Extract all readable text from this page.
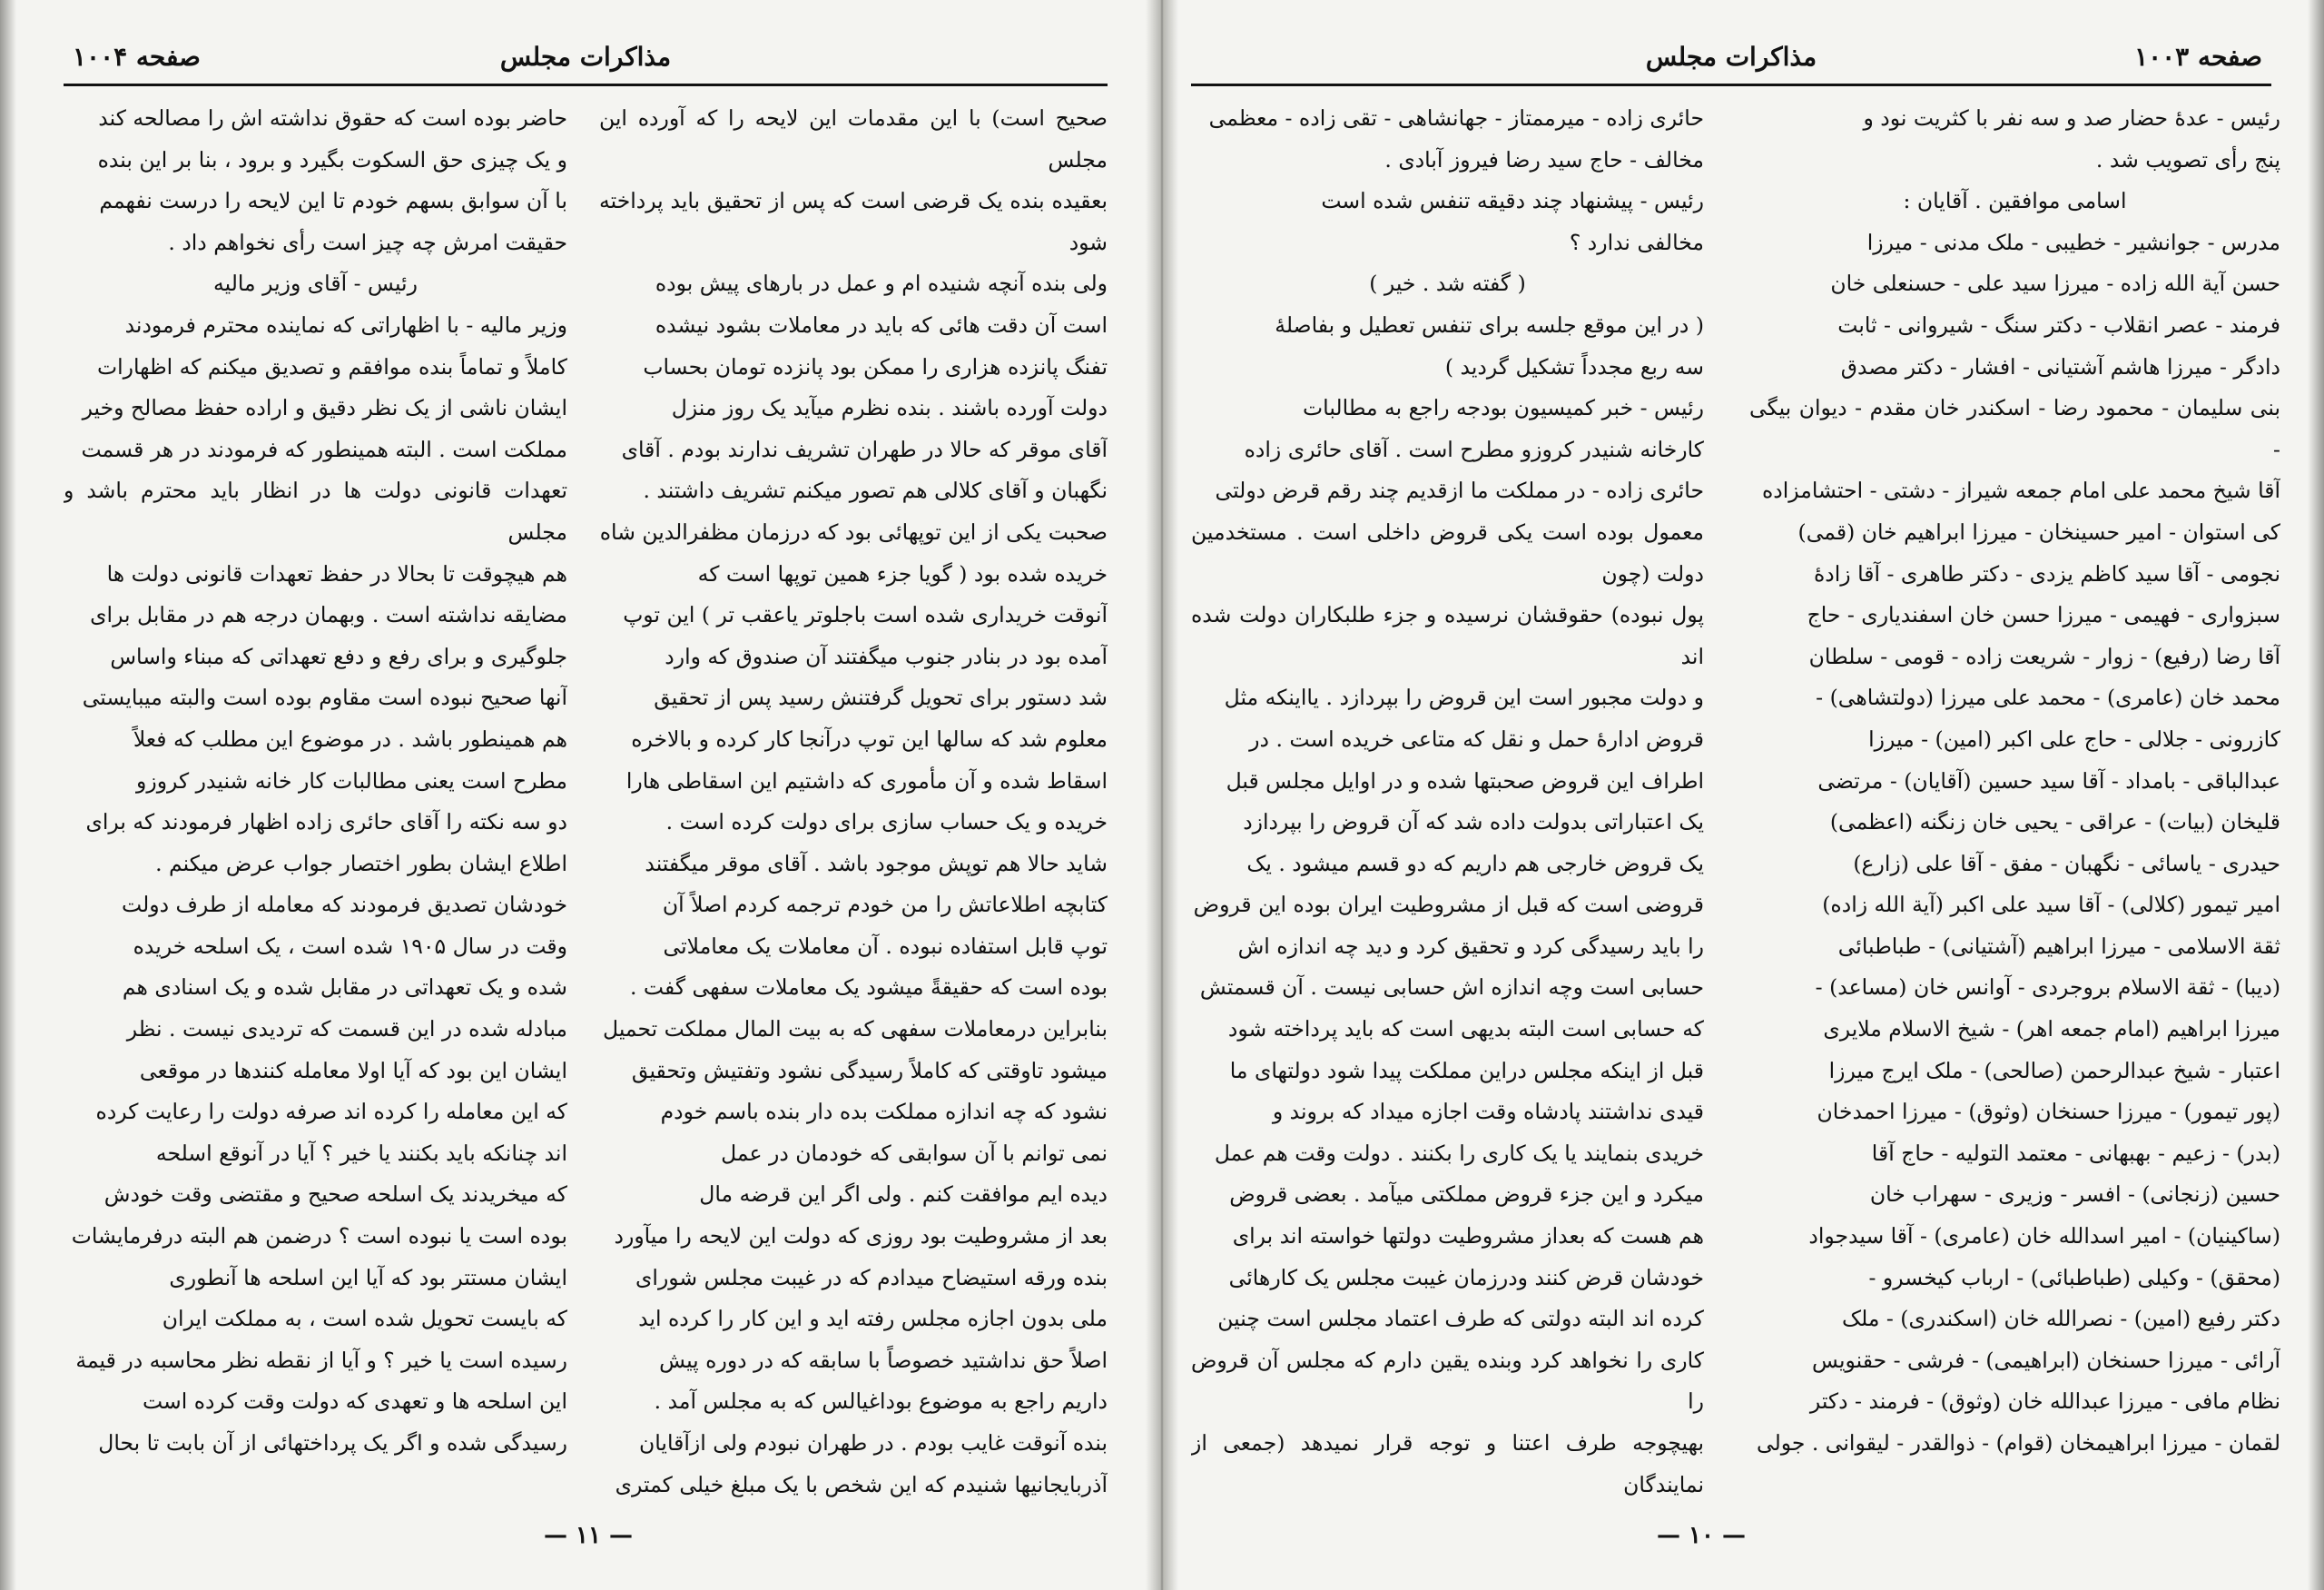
مذاکرات مجلس
صفحه ۱۰۰۴

صحیح است) با این مقدمات این لایحه را که آورده این مجلس

بعقیده بنده یک قرضی است که پس از تحقیق باید پرداخته شود

ولی بنده آنچه شنیده ام و عمل در بارهای پیش بوده

است آن دقت هائی که باید در معاملات بشود نیشده

تفنگ پانزده هزاری را ممکن بود پانزده تومان بحساب

دولت آورده باشند . بنده نظرم میآید یک روز منزل

آقای موقر که حالا در طهران تشریف ندارند بودم . آقای

نگهبان و آقای کلالی هم تصور میکنم تشریف داشتند .

صحبت یکی از این توپهائی بود که درزمان مظفرالدین شاه

خریده شده بود ( گویا جزء همین توپها است که

آنوقت خریداری شده است باجلوتر یاعقب تر ) این توپ

آمده بود در بنادر جنوب میگفتند آن صندوق که وارد

شد دستور برای تحویل گرفتنش رسید پس از تحقیق

معلوم شد که سالها این توپ درآنجا کار کرده و بالاخره

اسقاط شده و آن مأموری که داشتیم این اسقاطی هارا

خریده و یک حساب سازی برای دولت کرده است .

شاید حالا هم توپش موجود باشد . آقای موقر میگفتند

کتابچه اطلاعاتش را من خودم ترجمه کردم اصلاً آن

توپ قابل استفاده نبوده . آن معاملات یک معاملاتی

بوده است که حقیقةً میشود یک معاملات سفهی گفت .

بنابراین درمعاملات سفهی که به بیت المال مملکت تحمیل

میشود تاوقتی که کاملاً رسیدگی نشود وتفتیش وتحقیق

نشود که چه اندازه مملکت بده دار بنده باسم خودم

نمی توانم با آن سوابقی که خودمان در عمل

دیده ایم موافقت کنم . ولی اگر این قرضه مال

بعد از مشروطیت بود روزی که دولت این لایحه را میآورد

بنده ورقه استیضاح میدادم که در غیبت مجلس شورای

ملی بدون اجازه مجلس رفته اید و این کار را کرده اید

اصلاً حق نداشتید خصوصاً با سابقه که در دوره پیش

داریم راجع به موضوع بوداغیالس که به مجلس آمد .

بنده آنوقت غایب بودم . در طهران نبودم ولی ازآقایان

آذربایجانیها شنیدم که این شخص با یک مبلغ خیلی کمتری

حاضر بوده است که حقوق نداشته اش را مصالحه کند

و یک چیزی حق السکوت بگیرد و برود ، بنا بر این بنده

با آن سوابق بسهم خودم تا این لایحه را درست نفهمم

حقیقت امرش چه چیز است رأی نخواهم داد .

رئیس - آقای وزیر مالیه

وزیر مالیه - با اظهاراتی که نماینده محترم فرمودند

کاملاً و تماماً بنده موافقم و تصدیق میکنم که اظهارات

ایشان ناشی از یک نظر دقیق و اراده حفظ مصالح وخیر

مملکت است . البته همینطور که فرمودند در هر قسمت

تعهدات قانونی دولت ها در انظار باید محترم باشد و مجلس

هم هیچوقت تا بحالا در حفظ تعهدات قانونی دولت ها

مضایقه نداشته است . وبهمان درجه هم در مقابل برای

جلوگیری و برای رفع و دفع تعهداتی که مبناء واساس

آنها صحیح نبوده است مقاوم بوده است والبته میبایستی

هم همینطور باشد . در موضوع این مطلب که فعلاً

مطرح است یعنی مطالبات کار خانه شنیدر کروزو

دو سه نکته را آقای حائری زاده اظهار فرمودند که برای

اطلاع ایشان بطور اختصار جواب عرض میکنم .

خودشان تصدیق فرمودند که معامله از طرف دولت

وقت در سال ۱۹۰۵ شده است ، یک اسلحه خریده

شده و یک تعهداتی در مقابل شده و یک اسنادی هم

مبادله شده در این قسمت که تردیدی نیست . نظر

ایشان این بود که آیا اولا معامله کنندها در موقعی

که این معامله را کرده اند صرفه دولت را رعایت کرده

اند چنانکه باید بکنند یا خیر ؟ آیا در آنوقع اسلحه

که میخریدند یک اسلحه صحیح و مقتضی وقت خودش

بوده است یا نبوده است ؟ درضمن هم البته درفرمایشات

ایشان مستتر بود که آیا این اسلحه ها آنطوری

که بایست تحویل شده است ، به مملکت ایران

رسیده است یا خیر ؟ و آیا از نقطه نظر محاسبه در قیمة

این اسلحه ها و تعهدی که دولت وقت کرده است

رسیدگی شده و اگر یک پرداختهائی از آن بابت تا بحال

— ۱۱ —
مذاکرات مجلس	صفحه ۱۰۰۳

رئیس - عدۀ حضار صد و سه نفر با کثریت نود و

پنج رأی تصویب شد .

اسامی موافقین . آقایان :

مدرس - جوانشیر - خطیبی - ملک مدنی - میرزا

حسن آیة الله زاده - میرزا سید علی - حسنعلی خان

فرمند - عصر انقلاب - دکتر سنگ - شیروانی - ثابت

دادگر - میرزا هاشم آشتیانی - افشار - دکتر مصدق

بنی سلیمان - محمود رضا - اسکندر خان مقدم - دیوان بیگی -

آقا شیخ محمد علی امام جمعه شیراز - دشتی - احتشامزاده

کی استوان - امیر حسینخان - میرزا ابراهیم خان (قمی)

نجومی - آقا سید کاظم یزدی - دکتر طاهری - آقا زادۀ

سبزواری - فهیمی - میرزا حسن خان اسفندیاری - حاج

آقا رضا (رفیع) - زوار - شریعت زاده - قومی - سلطان

محمد خان (عامری) - محمد علی میرزا (دولتشاهی) -

کازرونی - جلالی - حاج علی اکبر (امین) - میرزا

عبدالباقی - بامداد - آقا سید حسین (آقایان) - مرتضی

قلیخان (بیات) - عراقی - یحیی خان زنگنه (اعظمی)

حیدری - یاسائی - نگهبان - مفق - آقا علی (زارع)

امیر تیمور (کلالی) - آقا سید علی اکبر (آیة الله زاده)

ثقة الاسلامی - میرزا ابراهیم (آشتیانی) - طباطبائی

(دیبا) - ثقة الاسلام بروجردی - آوانس خان (مساعد) -

میرزا ابراهیم (امام جمعه اهر) - شیخ الاسلام ملایری

اعتبار - شیخ عبدالرحمن (صالحی) - ملک ایرج میرزا

(پور تیمور) - میرزا حسنخان (وثوق) - میرزا احمدخان

(بدر) - زعیم - بهبهانی - معتمد التولیه - حاج آقا

حسین (زنجانی) - افسر - وزیری - سهراب خان

(ساکینیان) - امیر اسدالله خان (عامری) - آقا سیدجواد

(محقق) - وکیلی (طباطبائی) - ارباب کیخسرو -

دکتر رفیع (امین) - نصرالله خان (اسکندری) - ملک

آرائی - میرزا حسنخان (ابراهیمی) - فرشی - حقنویس

نظام مافی - میرزا عبدالله خان (وثوق) - فرمند - دکتر

لقمان - میرزا ابراهیمخان (قوام) - ذوالقدر - لیقوانی . جولی

حائری زاده - میرممتاز - جهانشاهی - تقی زاده - معظمی

مخالف - حاج سید رضا فیروز آبادی .

رئیس - پیشنهاد چند دقیقه تنفس شده است

مخالفی ندارد ؟

( گفته شد . خیر )

( در این موقع جلسه برای تنفس تعطیل و بفاصلۀ

سه ربع مجدداً تشکیل گردید )

رئیس - خبر کمیسیون بودجه راجع به مطالبات

کارخانه شنیدر کروزو مطرح است . آقای حائری زاده

حائری زاده - در مملکت ما ازقدیم چند رقم قرض دولتی

معمول بوده است یکی قروض داخلی است . مستخدمین دولت (چون

پول نبوده) حقوقشان نرسیده و جزء طلبکاران دولت شده اند

و دولت مجبور است این قروض را بپردازد . یااینکه مثل

قروض ادارۀ حمل و نقل که متاعی خریده است . در

اطراف این قروض صحبتها شده و در اوایل مجلس قبل

یک اعتباراتی بدولت داده شد که آن قروض را بپردازد

یک قروض خارجی هم داریم که دو قسم میشود . یک

قروضی است که قبل از مشروطیت ایران بوده این قروض

را باید رسیدگی کرد و تحقیق کرد و دید چه اندازه اش

حسابی است وچه اندازه اش حسابی نیست . آن قسمتش

که حسابی است البته بدیهی است که باید پرداخته شود

قبل از اینکه مجلس دراین مملکت پیدا شود دولتهای ما

قیدی نداشتند پادشاه وقت اجازه میداد که بروند و

خریدی بنمایند یا یک کاری را بکنند . دولت وقت هم عمل

میکرد و این جزء قروض مملکتی میآمد . بعضی قروض

هم هست که بعداز مشروطیت دولتها خواسته اند برای

خودشان قرض کنند ودرزمان غیبت مجلس یک کارهائی

کرده اند البته دولتی که طرف اعتماد مجلس است چنین

کاری را نخواهد کرد وبنده یقین دارم که مجلس آن قروض را

بهیچوجه طرف اعتنا و توجه قرار نمیدهد (جمعی از نمایندگان

— ۱۰ —
